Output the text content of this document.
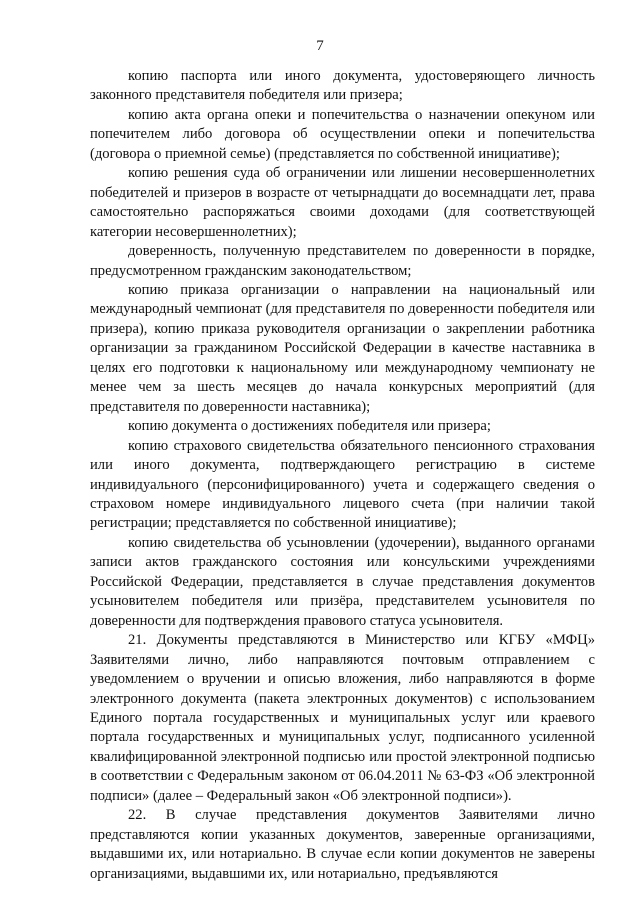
7

копию паспорта или иного документа, удостоверяющего личность законного представителя победителя или призера;

копию акта органа опеки и попечительства о назначении опекуном или попечителем либо договора об осуществлении опеки и попечительства (договора о приемной семье) (представляется по собственной инициативе);

копию решения суда об ограничении или лишении несовершеннолетних победителей и призеров в возрасте от четырнадцати до восемнадцати лет, права самостоятельно распоряжаться своими доходами (для соответствующей категории несовершеннолетних);

доверенность, полученную представителем по доверенности в порядке, предусмотренном гражданским законодательством;

копию приказа организации о направлении на национальный или международный чемпионат (для представителя по доверенности победителя или призера), копию приказа руководителя организации о закреплении работника организации за гражданином Российской Федерации в качестве наставника в целях его подготовки к национальному или международному чемпионату не менее чем за шесть месяцев до начала конкурсных мероприятий (для представителя по доверенности наставника);

копию документа о достижениях победителя или призера;

копию страхового свидетельства обязательного пенсионного страхования или иного документа, подтверждающего регистрацию в системе индивидуального (персонифицированного) учета и содержащего сведения о страховом номере индивидуального лицевого счета (при наличии такой регистрации; представляется по собственной инициативе);

копию свидетельства об усыновлении (удочерении), выданного органами записи актов гражданского состояния или консульскими учреждениями Российской Федерации, представляется в случае представления документов усыновителем победителя или призёра, представителем усыновителя по доверенности для подтверждения правового статуса усыновителя.

21. Документы представляются в Министерство или КГБУ «МФЦ» Заявителями лично, либо направляются почтовым отправлением с уведомлением о вручении и описью вложения, либо направляются в форме электронного документа (пакета электронных документов) с использованием Единого портала государственных и муниципальных услуг или краевого портала государственных и муниципальных услуг, подписанного усиленной квалифицированной электронной подписью или простой электронной подписью в соответствии с Федеральным законом от 06.04.2011 № 63-ФЗ «Об электронной подписи» (далее – Федеральный закон «Об электронной подписи»).

22. В случае представления документов Заявителями лично представляются копии указанных документов, заверенные организациями, выдавшими их, или нотариально. В случае если копии документов не заверены организациями, выдавшими их, или нотариально, предъявляются
